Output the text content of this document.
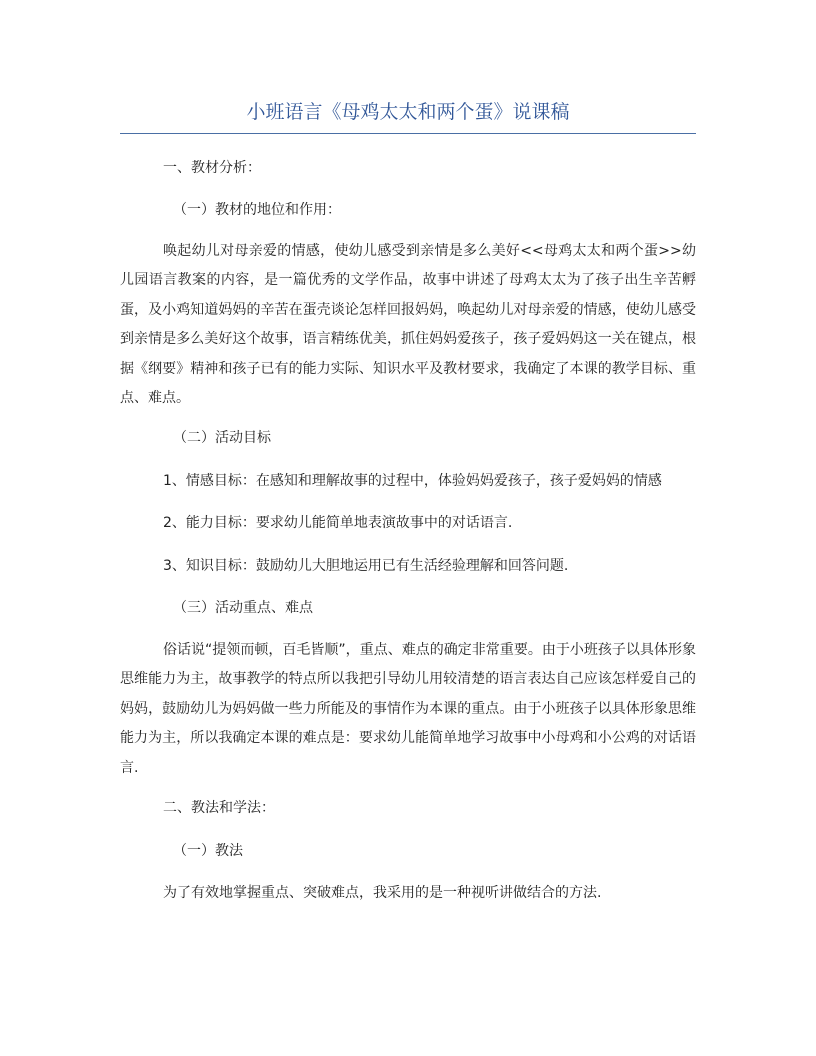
小班语言《母鸡太太和两个蛋》说课稿
一、教材分析：
（一）教材的地位和作用：
唤起幼儿对母亲爱的情感，使幼儿感受到亲情是多么美好<<母鸡太太和两个蛋>>幼儿园语言教案的内容，是一篇优秀的文学作品，故事中讲述了母鸡太太为了孩子出生辛苦孵蛋，及小鸡知道妈妈的辛苦在蛋壳谈论怎样回报妈妈，唤起幼儿对母亲爱的情感，使幼儿感受到亲情是多么美好这个故事，语言精练优美，抓住妈妈爱孩子，孩子爱妈妈这一关在键点，根据《纲要》精神和孩子已有的能力实际、知识水平及教材要求，我确定了本课的教学目标、重点、难点。
（二）活动目标
1、情感目标：在感知和理解故事的过程中，体验妈妈爱孩子，孩子爱妈妈的情感
2、能力目标：要求幼儿能简单地表演故事中的对话语言.
3、知识目标：鼓励幼儿大胆地运用已有生活经验理解和回答问题.
（三）活动重点、难点
俗话说“提领而顿，百毛皆顺”，重点、难点的确定非常重要。由于小班孩子以具体形象思维能力为主，故事教学的特点所以我把引导幼儿用较清楚的语言表达自己应该怎样爱自己的妈妈，鼓励幼儿为妈妈做一些力所能及的事情作为本课的重点。由于小班孩子以具体形象思维能力为主，所以我确定本课的难点是：要求幼儿能简单地学习故事中小母鸡和小公鸡的对话语言.
二、教法和学法：
（一）教法
为了有效地掌握重点、突破难点，我采用的是一种视听讲做结合的方法.
